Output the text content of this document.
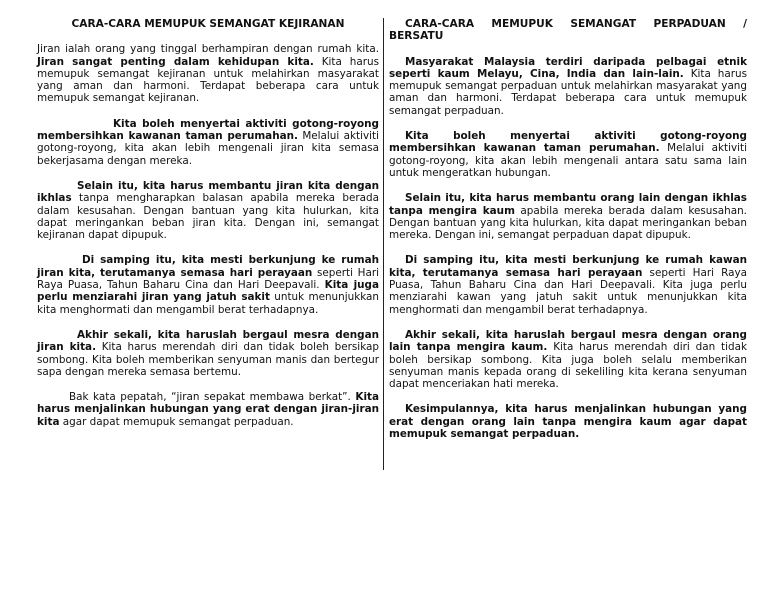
CARA-CARA MEMUPUK SEMANGAT KEJIRANAN

Jiran ialah orang yang tinggal berhampiran dengan rumah kita. Jiran sangat penting dalam kehidupan kita. Kita harus memupuk semangat kejiranan untuk melahirkan masyarakat yang aman dan harmoni. Terdapat beberapa cara untuk memupuk semangat kejiranan.

Kita boleh menyertai aktiviti gotong-royong membersihkan kawanan taman perumahan. Melalui aktiviti gotong-royong, kita akan lebih mengenali jiran kita semasa bekerjasama dengan mereka.

Selain itu, kita harus membantu jiran kita dengan ikhlas tanpa mengharapkan balasan apabila mereka berada dalam kesusahan. Dengan bantuan yang kita hulurkan, kita dapat meringankan beban jiran kita. Dengan ini, semangat kejiranan dapat dipupuk.

Di samping itu, kita mesti berkunjung ke rumah jiran kita, terutamanya semasa hari perayaan seperti Hari Raya Puasa, Tahun Baharu Cina dan Hari Deepavali. Kita juga perlu menziarahi jiran yang jatuh sakit untuk menunjukkan kita menghormati dan mengambil berat terhadapnya.

Akhir sekali, kita haruslah bergaul mesra dengan jiran kita. Kita harus merendah diri dan tidak boleh bersikap sombong. Kita boleh memberikan senyuman manis dan bertegur sapa dengan mereka semasa bertemu.

Bak kata pepatah, “jiran sepakat membawa berkat”. Kita harus menjalinkan hubungan yang erat dengan jiran-jiran kita agar dapat memupuk semangat perpaduan.

CARA-CARA MEMUPUK SEMANGAT PERPADUAN / BERSATU

Masyarakat Malaysia terdiri daripada pelbagai etnik seperti kaum Melayu, Cina, India dan lain-lain. Kita harus memupuk semangat perpaduan untuk melahirkan masyarakat yang aman dan harmoni. Terdapat beberapa cara untuk memupuk semangat perpaduan.

Kita boleh menyertai aktiviti gotong-royong membersihkan kawanan taman perumahan. Melalui aktiviti gotong-royong, kita akan lebih mengenali antara satu sama lain untuk mengeratkan hubungan.

Selain itu, kita harus membantu orang lain dengan ikhlas tanpa mengira kaum apabila mereka berada dalam kesusahan. Dengan bantuan yang kita hulurkan, kita dapat meringankan beban mereka. Dengan ini, semangat perpaduan dapat dipupuk.

Di samping itu, kita mesti berkunjung ke rumah kawan kita, terutamanya semasa hari perayaan seperti Hari Raya Puasa, Tahun Baharu Cina dan Hari Deepavali. Kita juga perlu menziarahi kawan yang jatuh sakit untuk menunjukkan kita menghormati dan mengambil berat terhadapnya.

Akhir sekali, kita haruslah bergaul mesra dengan orang lain tanpa mengira kaum. Kita harus merendah diri dan tidak boleh bersikap sombong. Kita juga boleh selalu memberikan senyuman manis kepada orang di sekeliling kita kerana senyuman dapat menceriakan hati mereka.

Kesimpulannya, kita harus menjalinkan hubungan yang erat dengan orang lain tanpa mengira kaum agar dapat memupuk semangat perpaduan.
